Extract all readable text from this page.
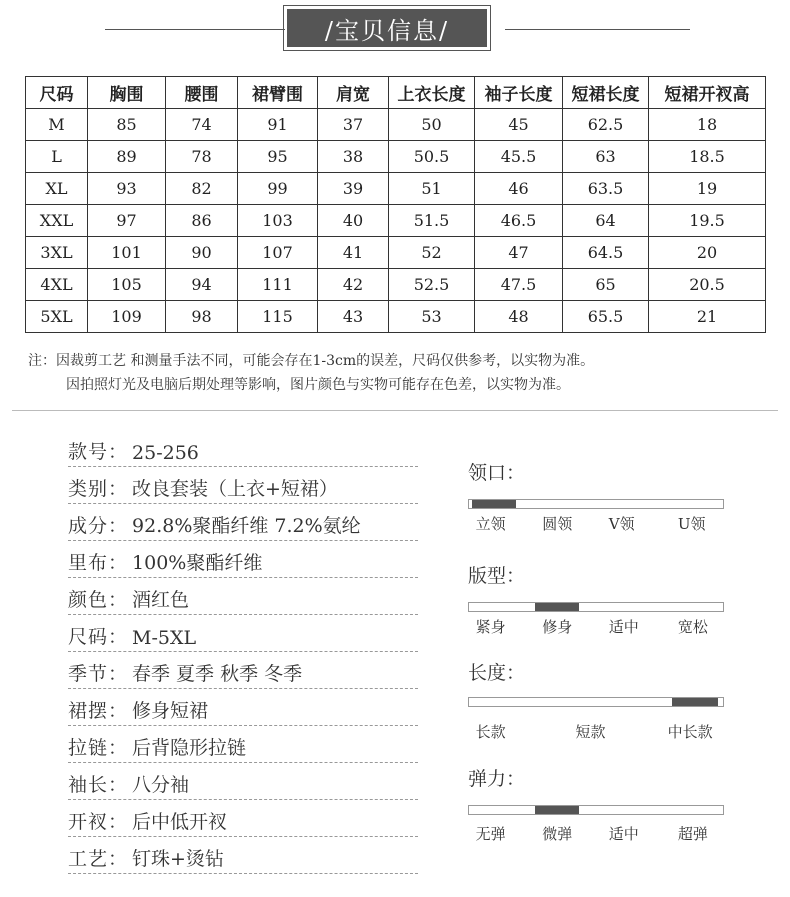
/宝贝信息/
尺码	胸围	腰围	裙臂围	肩宽	上衣长度	袖子长度	短裙长度	短裙开衩高
M	85	74	91	37	50	45	62.5	18
L	89	78	95	38	50.5	45.5	63	18.5
XL	93	82	99	39	51	46	63.5	19
XXL	97	86	103	40	51.5	46.5	64	19.5
3XL	101	90	107	41	52	47	64.5	20
4XL	105	94	111	42	52.5	47.5	65	20.5
5XL	109	98	115	43	53	48	65.5	21
注：因裁剪工艺 和测量手法不同，可能会存在1-3cm的误差，尺码仅供参考，以实物为准。
因拍照灯光及电脑后期处理等影响，图片颜色与实物可能存在色差，以实物为准。
款号： 25-256
类别： 改良套装（上衣+短裙）
成分： 92.8%聚酯纤维 7.2%氨纶
里布： 100%聚酯纤维
颜色： 酒红色
尺码： M-5XL
季节： 春季 夏季 秋季 冬季
裙摆： 修身短裙
拉链： 后背隐形拉链
袖长： 八分袖
开衩： 后中低开衩
工艺： 钉珠+烫钻
领口：
立领 圆领 V领	U领
版型：
紧身 修身 适中	宽松
长度：
长款	短款	中长款
弹力：
无弹 微弹 适中	超弹
